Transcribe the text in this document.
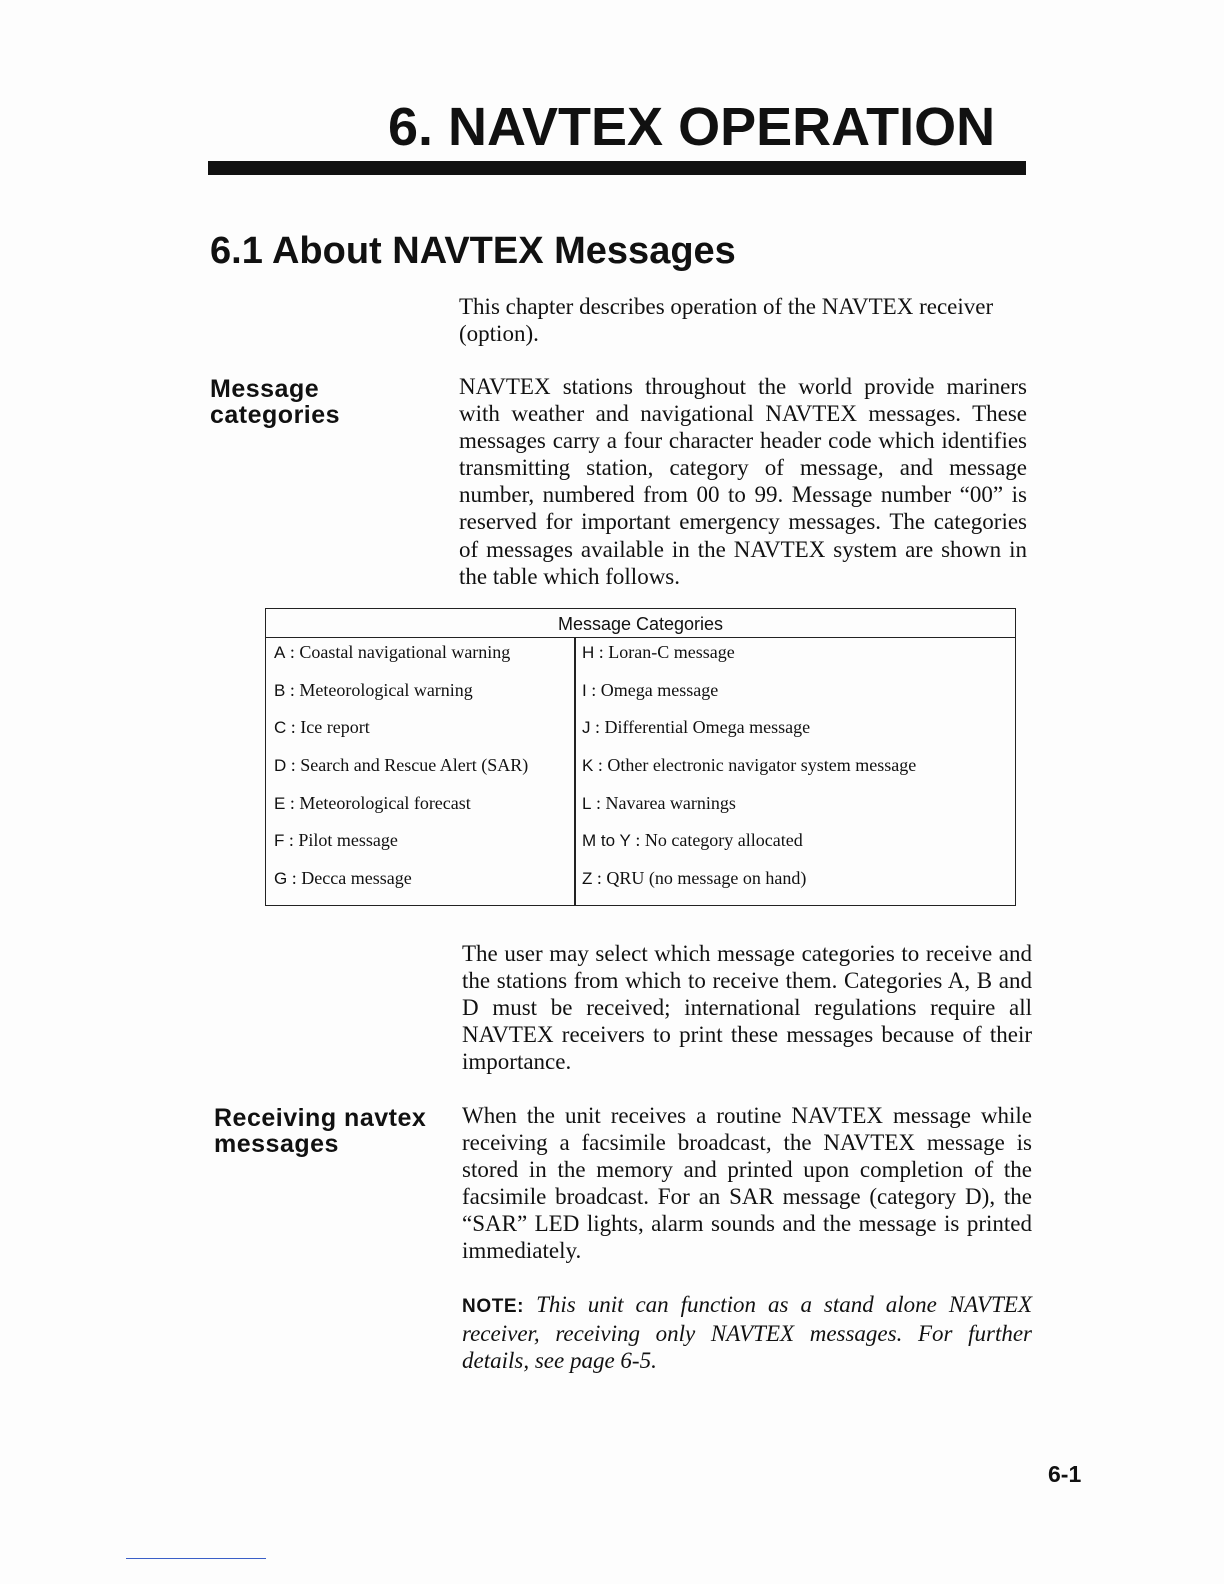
6. NAVTEX OPERATION
6.1 About NAVTEX Messages

This chapter describes operation of the NAVTEX receiver (option).

Message categories

NAVTEX stations throughout the world provide mariners with weather and navigational NAVTEX messages. These messages carry a four character header code which identifies transmitting station, category of message, and message number, numbered from 00 to 99. Message number “00” is reserved for important emergency messages. The categories of messages available in the NAVTEX system are shown in the table which follows.

Message Categories
A : Coastal navigational warning
B : Meteorological warning
C : Ice report
D : Search and Rescue Alert (SAR)
E : Meteorological forecast
F : Pilot message
G : Decca message
H : Loran-C message
I : Omega message
J : Differential Omega message
K : Other electronic navigator system message
L : Navarea warnings
M to Y : No category allocated
Z : QRU (no message on hand)

The user may select which message categories to receive and the stations from which to receive them. Categories A, B and D must be received; international regulations require all NAVTEX receivers to print these messages because of their importance.

Receiving navtex messages

When the unit receives a routine NAVTEX message while receiving a facsimile broadcast, the NAVTEX message is stored in the memory and printed upon completion of the facsimile broadcast. For an SAR message (category D), the “SAR” LED lights, alarm sounds and the message is printed immediately.

NOTE: This unit can function as a stand alone NAVTEX receiver, receiving only NAVTEX messages. For further details, see page 6-5.

6-1
